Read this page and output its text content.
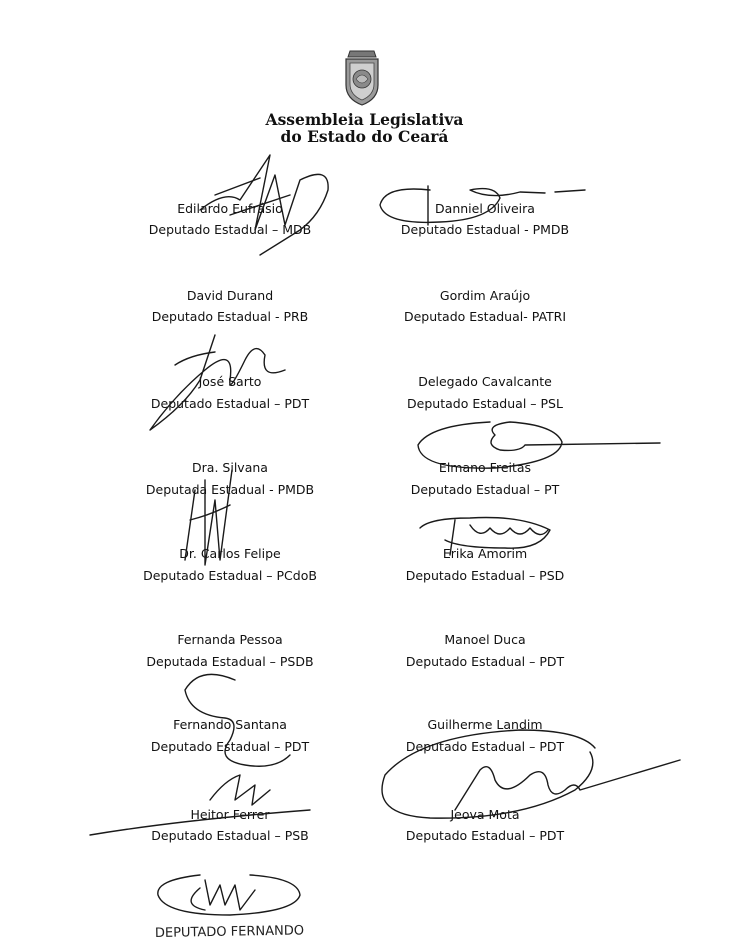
Assembleia Legislativa
do Estado do Ceará
Edilardo Eufrásio
Deputado Estadual – MDB
David Durand
Deputado Estadual - PRB
José Sarto
Deputado Estadual – PDT
Dra. Silvana
Deputada Estadual - PMDB
Dr. Carlos Felipe
Deputado Estadual – PCdoB
Fernanda Pessoa
Deputada Estadual – PSDB
Fernando Santana
Deputado Estadual – PDT
Heitor Ferrer
Deputado Estadual – PSB
Danniel Oliveira
Deputado Estadual - PMDB
Gordim Araújo
Deputado Estadual- PATRI
Delegado Cavalcante
Deputado Estadual – PSL
Elmano Freitas
Deputado Estadual – PT
Erika Amorim
Deputado Estadual – PSD
Manoel Duca
Deputado Estadual – PDT
Guilherme Landim
Deputado Estadual – PDT
Jeova Mota
Deputado Estadual – PDT
DEPUTADO FERNANDO
